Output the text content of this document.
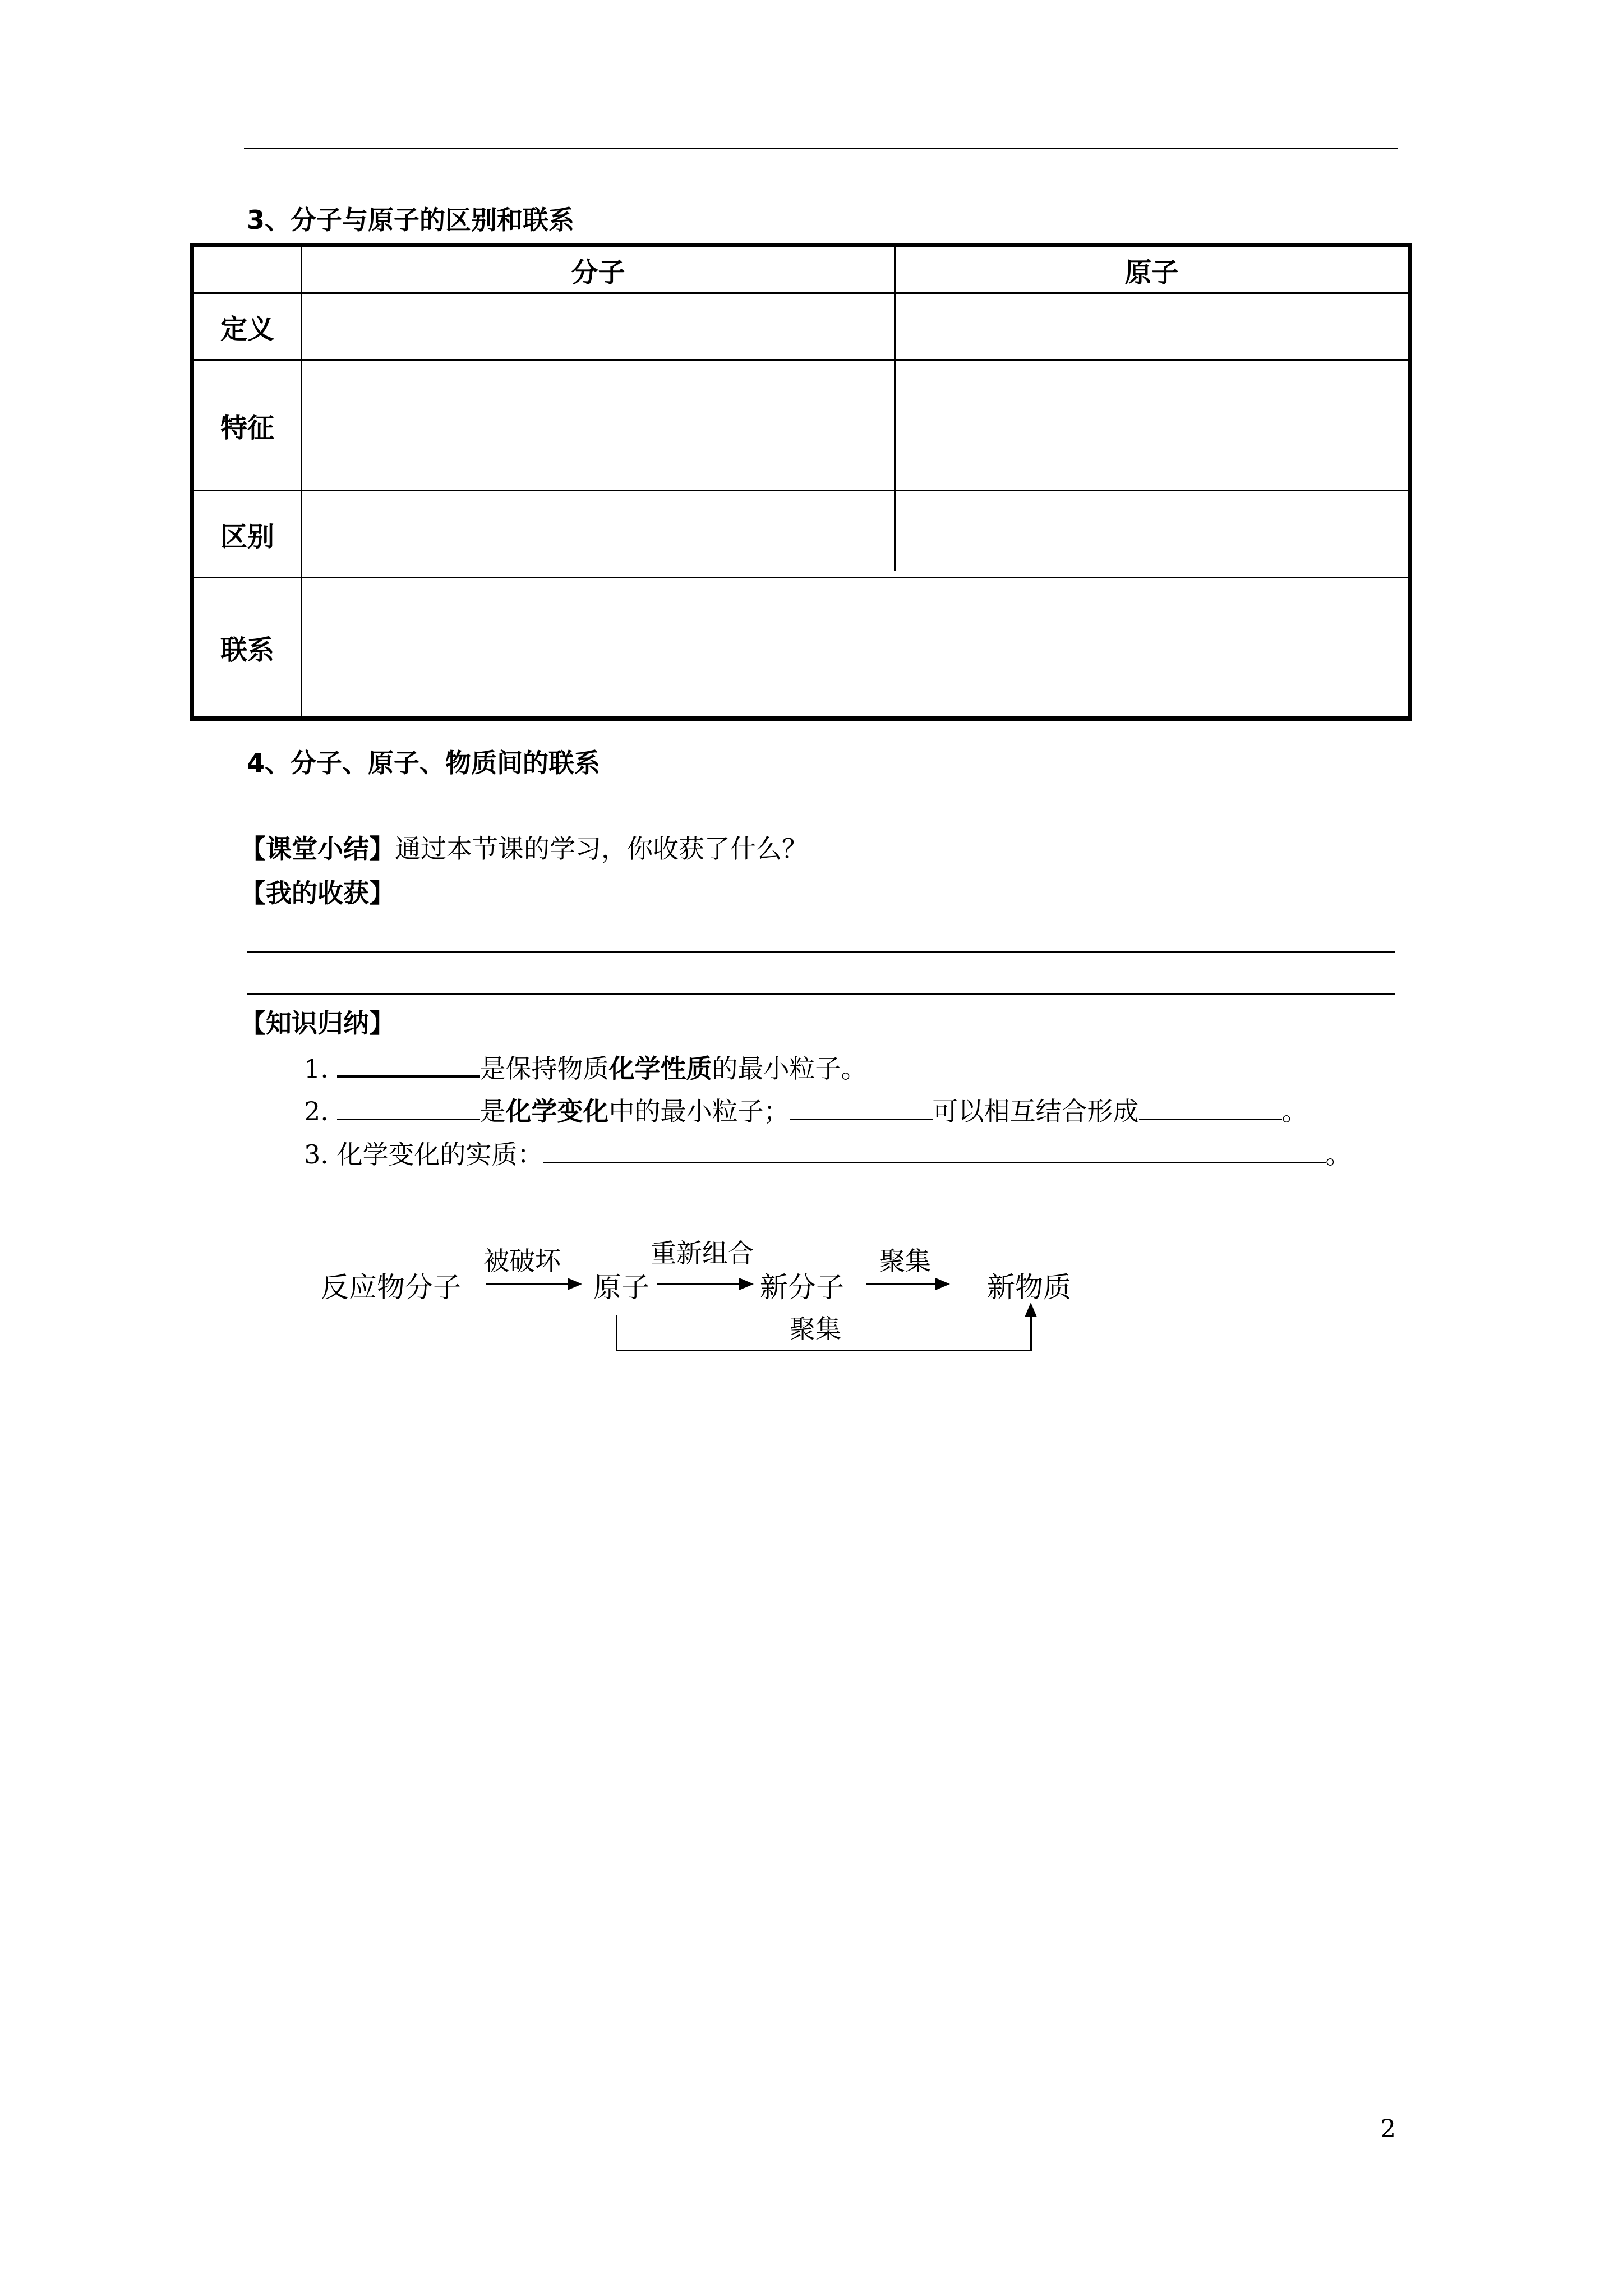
3、分子与原子的区别和联系
分子	原子
定义
特征
区别
联系
4、分子、原子、物质间的联系
【课堂小结】通过本节课的学习，你收获了什么？
【我的收获】
【知识归纳】
1.	是保持物质化学性质的最小粒子。
2.	是化学变化中的最小粒子；	可以相互结合形成	。
3. 化学变化的实质：	。
反应物分子
被破坏
原子
重新组合
新分子
聚集
新物质
聚集
2
